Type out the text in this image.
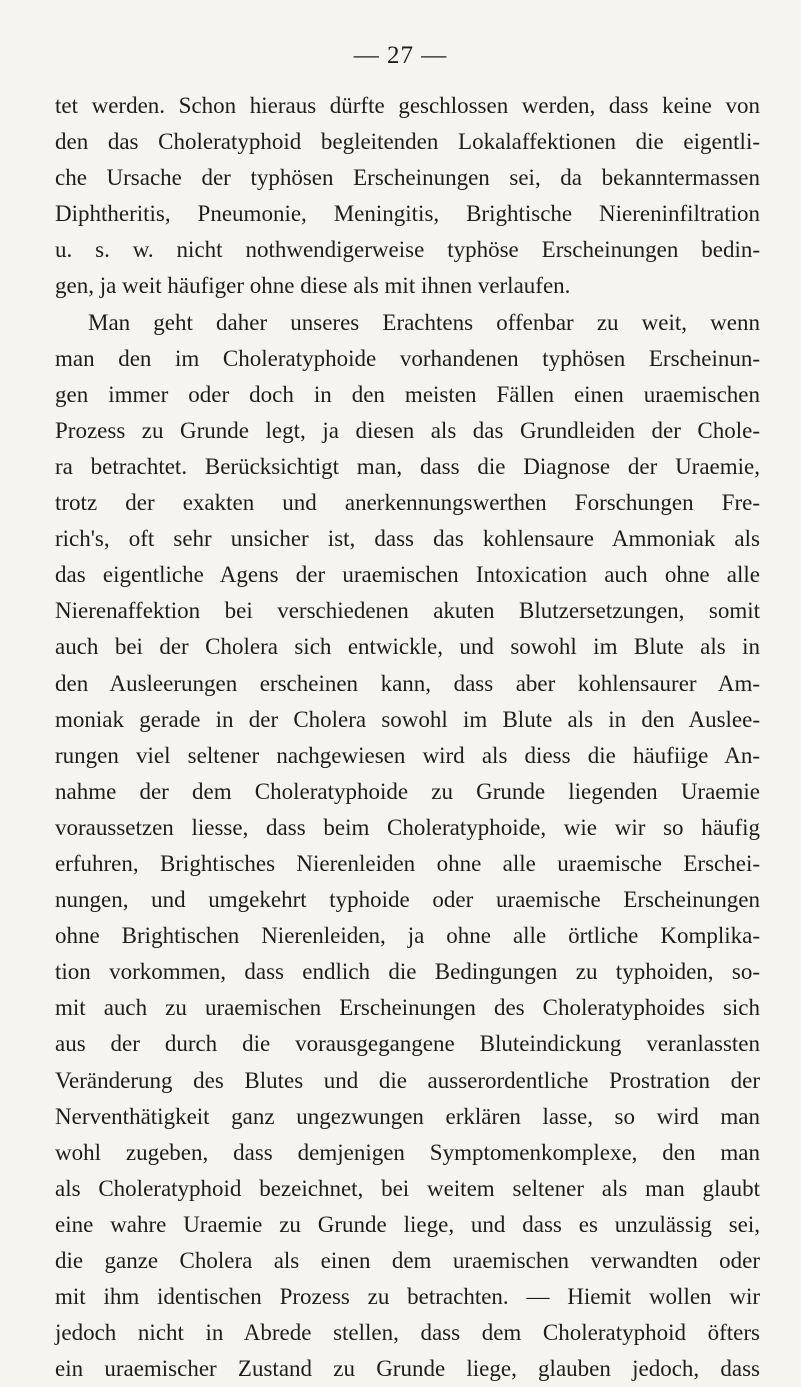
— 27 —
tet werden. Schon hieraus dürfte geschlossen werden, dass keine von
den das Choleratyphoid begleitenden Lokalaffektionen die eigentli-
che Ursache der typhösen Erscheinungen sei, da bekanntermassen
Diphtheritis, Pneumonie, Meningitis, Brightische Niereninfiltration
u. s. w. nicht nothwendigerweise typhöse Erscheinungen bedin-
gen, ja weit häufiger ohne diese als mit ihnen verlaufen.
Man geht daher unseres Erachtens offenbar zu weit, wenn
man den im Choleratyphoide vorhandenen typhösen Erscheinun-
gen immer oder doch in den meisten Fällen einen uraemischen
Prozess zu Grunde legt, ja diesen als das Grundleiden der Chole-
ra betrachtet. Berücksichtigt man, dass die Diagnose der Uraemie,
trotz der exakten und anerkennungswerthen Forschungen Fre-
rich's, oft sehr unsicher ist, dass das kohlensaure Ammoniak als
das eigentliche Agens der uraemischen Intoxication auch ohne alle
Nierenaffektion bei verschiedenen akuten Blutzersetzungen, somit
auch bei der Cholera sich entwickle, und sowohl im Blute als in
den Ausleerungen erscheinen kann, dass aber kohlensaurer Am-
moniak gerade in der Cholera sowohl im Blute als in den Auslee-
rungen viel seltener nachgewiesen wird als diess die häufiige An-
nahme der dem Choleratyphoide zu Grunde liegenden Uraemie
voraussetzen liesse, dass beim Choleratyphoide, wie wir so häufig
erfuhren, Brightisches Nierenleiden ohne alle uraemische Erschei-
nungen, und umgekehrt typhoide oder uraemische Erscheinungen
ohne Brightischen Nierenleiden, ja ohne alle örtliche Komplika-
tion vorkommen, dass endlich die Bedingungen zu typhoiden, so-
mit auch zu uraemischen Erscheinungen des Choleratyphoides sich
aus der durch die vorausgegangene Bluteindickung veranlassten
Veränderung des Blutes und die ausserordentliche Prostration der
Nerventhätigkeit ganz ungezwungen erklären lasse, so wird man
wohl zugeben, dass demjenigen Symptomenkomplexe, den man
als Choleratyphoid bezeichnet, bei weitem seltener als man glaubt
eine wahre Uraemie zu Grunde liege, und dass es unzulässig sei,
die ganze Cholera als einen dem uraemischen verwandten oder
mit ihm identischen Prozess zu betrachten. — Hiemit wollen wir
jedoch nicht in Abrede stellen, dass dem Choleratyphoid öfters
ein uraemischer Zustand zu Grunde liege, glauben jedoch, dass
